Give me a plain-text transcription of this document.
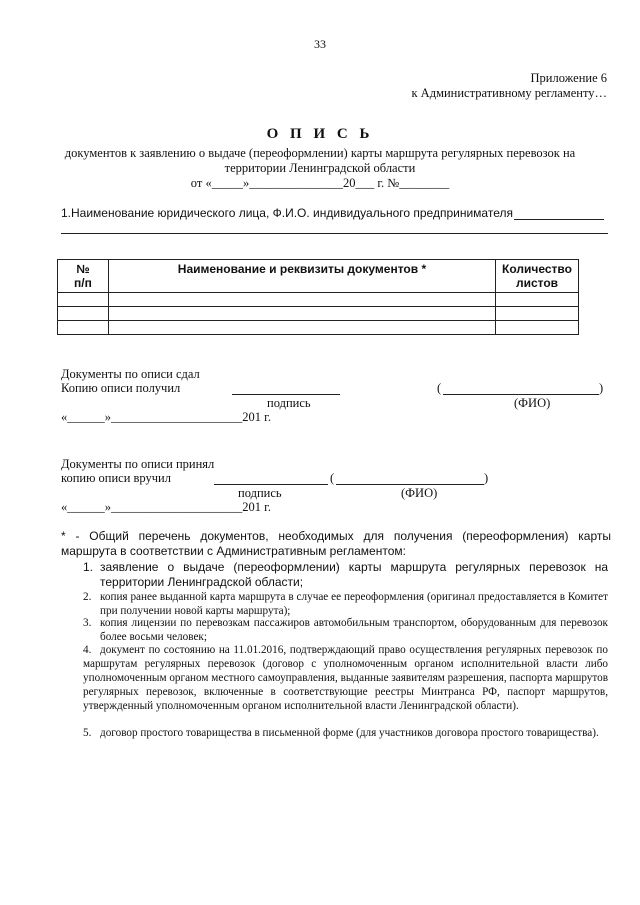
33
Приложение 6
к Административному регламенту…
О П И С Ь
документов к заявлению о выдаче (переоформлении) карты маршрута регулярных перевозок на
территории Ленинградской области
от «_____»_______________20___ г. №________
1.Наименование юридического лица, Ф.И.О. индивидуального предпринимателя
№
п/п	Наименование и реквизиты документов *	Количество
листов

Документы по описи сдал
Копию описи получил	(	)
подпись	(ФИО)
«______»_____________________201 г.
Документы по описи принял
копию описи вручил	(	)
подпись	(ФИО)
«______»_____________________201 г.
* - Общий перечень документов, необходимых для получения (переоформления) карты маршрута в соответствии с Административным регламентом:
1. заявление о выдаче (переоформлении) карты маршрута регулярных перевозок на территории Ленинградской области;
2. копия ранее выданной карта маршрута в случае ее переоформления (оригинал предоставляется в Комитет при получении новой карты маршрута);
3. копия лицензии по перевозкам пассажиров автомобильным транспортом, оборудованным для перевозок более восьми человек;
4. документ по состоянию на 11.01.2016, подтверждающий право осуществления регулярных перевозок по маршрутам регулярных перевозок (договор с уполномоченным органом исполнительной власти либо уполномоченным органом местного самоуправления, выданные заявителям разрешения, паспорта маршрутов регулярных перевозок, включенные в соответствующие реестры Минтранса РФ, паспорт маршрутов, утвержденный уполномоченным органом исполнительной власти Ленинградской области).
5. договор простого товарищества в письменной форме (для участников договора простого товарищества).
